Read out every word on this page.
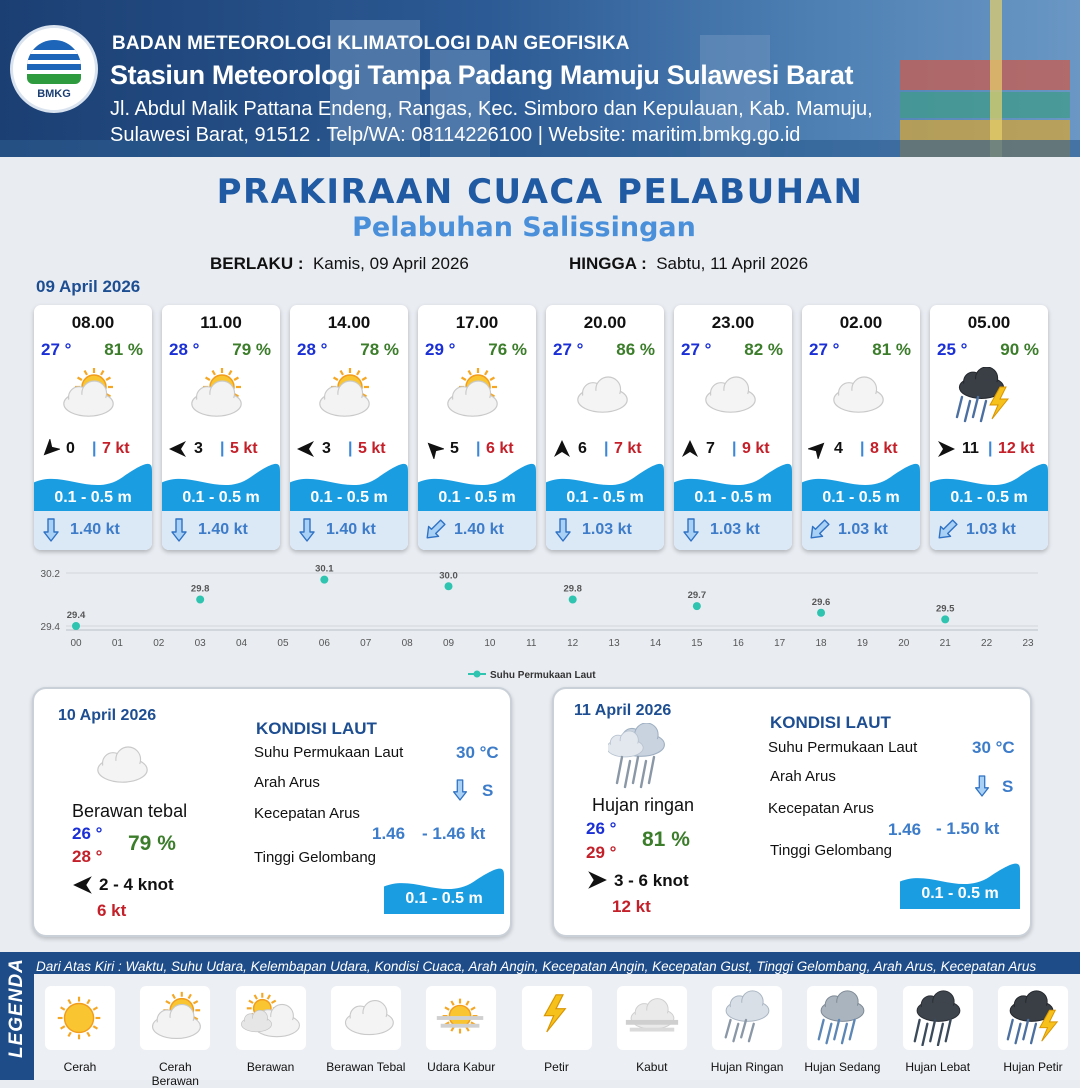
BMKG
BADAN METEOROLOGI KLIMATOLOGI DAN GEOFISIKA
Stasiun Meteorologi Tampa Padang Mamuju Sulawesi Barat
Jl. Abdul Malik Pattana Endeng, Rangas, Kec. Simboro dan Kepulauan, Kab. Mamuju,
Sulawesi Barat, 91512 . Telp/WA: 08114226100 | Website: maritim.bmkg.go.id
PRAKIRAAN CUACA PELABUHAN
Pelabuhan Salissingan
BERLAKU : Kamis, 09 April 2026	HINGGA : Sabtu, 11 April 2026
09 April 2026
08.00
27 ° 81 %
0 | 7 kt
0.1 - 0.5 m
1.40 kt
11.00
28 ° 79 %
3 | 5 kt
0.1 - 0.5 m
1.40 kt
14.00
28 ° 78 %
3 | 5 kt
0.1 - 0.5 m
1.40 kt
17.00
29 ° 76 %
5 | 6 kt
0.1 - 0.5 m
1.40 kt
20.00
27 ° 86 %
6 | 7 kt
0.1 - 0.5 m
1.03 kt
23.00
27 ° 82 %
7 | 9 kt
0.1 - 0.5 m
1.03 kt
02.00
27 ° 81 %
4 | 8 kt
0.1 - 0.5 m
1.03 kt
05.00
25 ° 90 %
11 | 12 kt
0.1 - 0.5 m
1.03 kt
30.2
29.4
00	01	02	03	04	05	06	07	08	09	10	11	12	13	14	15	16	17	18	19	20	21	22	23
29.4
29.8
30.1
30.0
29.8
29.7
29.6
29.5
Suhu Permukaan Laut
10 April 2026
Berawan tebal
26 °
28 °
79 %
2 - 4 knot
6 kt
KONDISI LAUT
Suhu Permukaan Laut	30 °C
Arah Arus	S
Kecepatan Arus
1.46 - 1.46 kt
Tinggi Gelombang
0.1 - 0.5 m
11 April 2026
Hujan ringan
26 °
29 °
81 %
3 - 6 knot
12 kt
KONDISI LAUT
Suhu Permukaan Laut	30 °C
Arah Arus
S
Kecepatan Arus
1.46 - 1.50 kt
Tinggi Gelombang
0.1 - 0.5 m
LEGENDA Dari Atas Kiri : Waktu, Suhu Udara, Kelembapan Udara, Kondisi Cuaca, Arah Angin, Kecepatan Angin, Kecepatan Gust, Tinggi Gelombang, Arah Arus, Kecepatan Arus
Cerah	Cerah Berawan
Berawan	Berawan Tebal	Udara Kabur	Petir	Kabut	Hujan Ringan	Hujan Sedang	Hujan Lebat	Hujan Petir
